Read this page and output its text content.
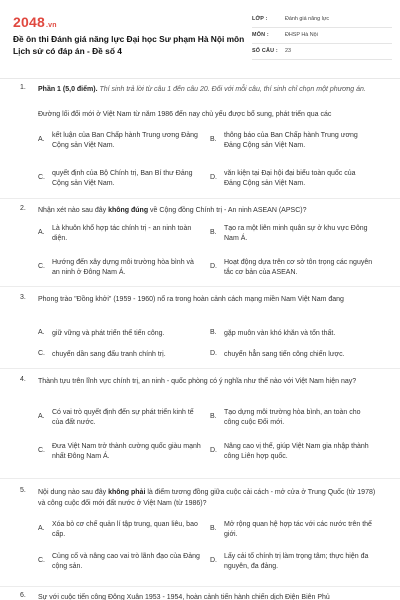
2048.vn
Đề ôn thi Đánh giá năng lực Đại học Sư phạm Hà Nội môn Lịch sử có đáp án - Đề số 4
LỚP :	Đánh giá năng lực
MÔN :	ĐHSP Hà Nội
SỐ CÂU : 23
1. Phần 1 (5,0 điểm). Thí sinh trả lời từ câu 1 đến câu 20. Đối với mỗi câu, thí sinh chỉ chọn một phương án.
Đường lối đổi mới ở Việt Nam từ năm 1986 đến nay chủ yếu được bổ sung, phát triển qua các
A.
kết luận của Ban Chấp hành Trung ương Đảng Cộng sản Việt Nam.
B.
thông báo của Ban Chấp hành Trung ương Đảng Cộng sản Việt Nam.
C.
quyết định của Bộ Chính trị, Ban Bí thư Đảng Cộng sản Việt Nam.
D.
văn kiện tại Đại hội đại biểu toàn quốc của Đảng Cộng sản Việt Nam.
2. Nhận xét nào sau đây không đúng về Cộng đồng Chính trị - An ninh ASEAN (APSC)?
A.
Là khuôn khổ hợp tác chính trị - an ninh toàn diện.
B.
Tạo ra một liên minh quân sự ở khu vực Đông Nam Á.
C.
Hướng đến xây dựng môi trường hòa bình và an ninh ở Đông Nam Á.
D.
Hoạt động dựa trên cơ sở tôn trọng các nguyên tắc cơ bản của ASEAN.
3. Phong trào "Đồng khởi" (1959 - 1960) nổ ra trong hoàn cảnh cách mạng miền Nam Việt Nam đang
A. giữ vững và phát triển thế tiến công.	B. gặp muôn vàn khó khăn và tổn thất.
C. chuyển dần sang đấu tranh chính trị.	D. chuyển hẳn sang tiến công chiến lược.
4. Thành tựu trên lĩnh vực chính trị, an ninh - quốc phòng có ý nghĩa như thế nào với Việt Nam hiện nay?
A.
Có vai trò quyết định đến sự phát triển kinh tế của đất nước.
B.
Tạo dựng môi trường hòa bình, an toàn cho công cuộc Đổi mới.
C.
Đưa Việt Nam trở thành cường quốc giàu mạnh nhất Đông Nam Á.
D.
Nâng cao vị thế, giúp Việt Nam gia nhập thành công Liên hợp quốc.
5. Nội dung nào sau đây không phải là điểm tương đồng giữa cuộc cải cách - mở cửa ở Trung Quốc (từ 1978) và công cuộc đổi mới đất nước ở Việt Nam (từ 1986)?
A.
Xóa bỏ cơ chế quản lí tập trung, quan liêu, bao cấp.
B.
Mở rộng quan hệ hợp tác với các nước trên thế giới.
C.
Củng cố và nâng cao vai trò lãnh đạo của Đảng cộng sản.
D.
Lấy cải tổ chính trị làm trọng tâm; thực hiện đa nguyên, đa đảng.
6. Sự với cuộc tiến công Đông Xuân 1953 - 1954, hoàn cảnh tiến hành chiến dịch Điện Biên Phủ
